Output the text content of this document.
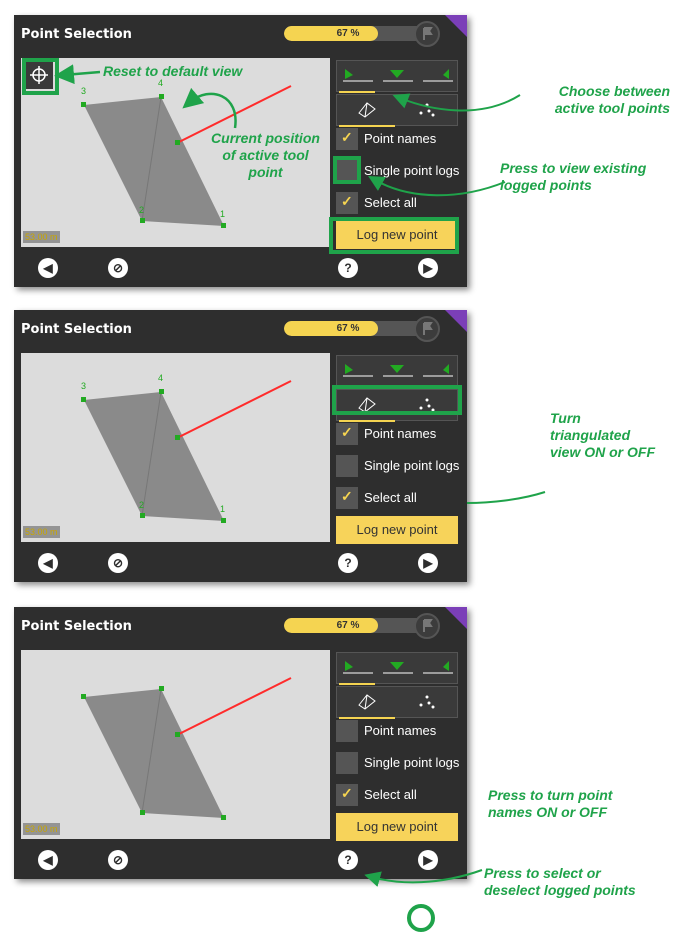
Point Selection	67 %
3
4
2	1
53.00 m
✓
Point names
Single point logs
✓
Select all
Log new point
◀	⊘	?	▶
Point Selection	67 %
3
4
2	1
53.00 m
✓
Point names
Single point logs
✓
Select all
Log new point
◀	⊘	?	▶
Point Selection	67 %
53.00 m
Point names
Single point logs
✓
Select all
Log new point
◀	⊘	?	▶
Reset to default view
Current position
of active tool
point
Choose between
active tool points
Press to view existing
logged points
Turn
triangulated
view ON or OFF
Press to turn point
names ON or OFF
Press to select or
deselect logged points
